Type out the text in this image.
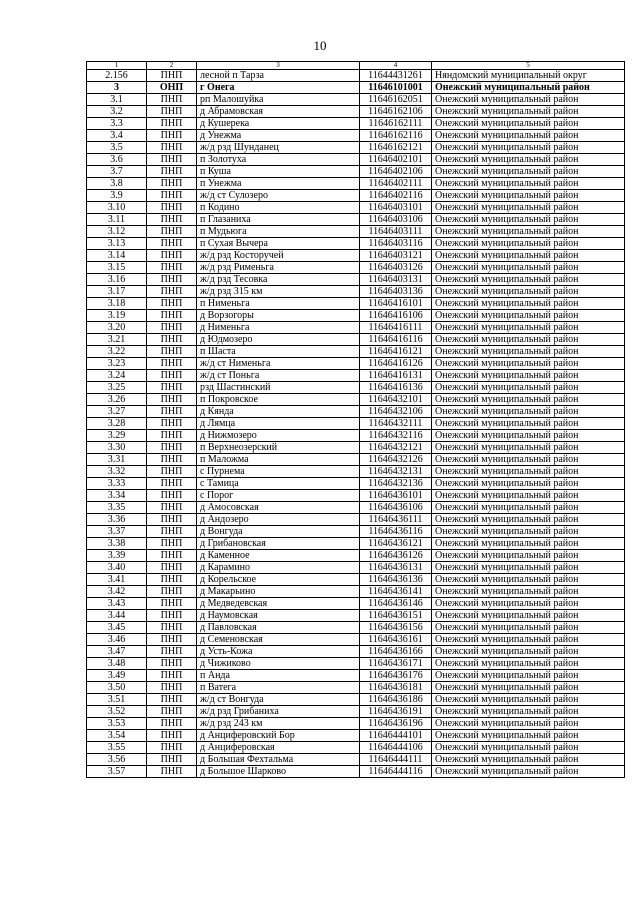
10
1	2	3	4	5
2.156	ПНП	лесной п Тарза	11644431261	Няндомский муниципальный округ
3	ОНП	г Онега	11646101001	Онежский муниципальный район
3.1	ПНП	рп Малошуйка	11646162051	Онежский муниципальный район
3.2	ПНП	д Абрамовская	11646162106	Онежский муниципальный район
3.3	ПНП	д Кушерека	11646162111	Онежский муниципальный район
3.4	ПНП	д Унежма	11646162116	Онежский муниципальный район
3.5	ПНП	ж/д рзд Шунданец	11646162121	Онежский муниципальный район
3.6	ПНП	п Золотуха	11646402101	Онежский муниципальный район
3.7	ПНП	п Куша	11646402106	Онежский муниципальный район
3.8	ПНП	п Унежма	11646402111	Онежский муниципальный район
3.9	ПНП	ж/д ст Сулозеро	11646402116	Онежский муниципальный район
3.10	ПНП	п Кодино	11646403101	Онежский муниципальный район
3.11	ПНП	п Глазаниха	11646403106	Онежский муниципальный район
3.12	ПНП	п Мудьюга	11646403111	Онежский муниципальный район
3.13	ПНП	п Сухая Вычера	11646403116	Онежский муниципальный район
3.14	ПНП	ж/д рзд Косторучей	11646403121	Онежский муниципальный район
3.15	ПНП	ж/д рзд Рименьга	11646403126	Онежский муниципальный район
3.16	ПНП	ж/д рзд Тесовка	11646403131	Онежский муниципальный район
3.17	ПНП	ж/д рзд 315 км	11646403136	Онежский муниципальный район
3.18	ПНП	п Нименьга	11646416101	Онежский муниципальный район
3.19	ПНП	д Ворзогоры	11646416106	Онежский муниципальный район
3.20	ПНП	д Нименьга	11646416111	Онежский муниципальный район
3.21	ПНП	д Юдмозеро	11646416116	Онежский муниципальный район
3.22	ПНП	п Шаста	11646416121	Онежский муниципальный район
3.23	ПНП	ж/д ст Нименьга	11646416126	Онежский муниципальный район
3.24	ПНП	ж/д ст Поньга	11646416131	Онежский муниципальный район
3.25	ПНП	рзд Шастинский	11646416136	Онежский муниципальный район
3.26	ПНП	п Покровское	11646432101	Онежский муниципальный район
3.27	ПНП	д Кянда	11646432106	Онежский муниципальный район
3.28	ПНП	д Лямца	11646432111	Онежский муниципальный район
3.29	ПНП	д Нижмозеро	11646432116	Онежский муниципальный район
3.30	ПНП	п Верхнеозерский	11646432121	Онежский муниципальный район
3.31	ПНП	п Маложма	11646432126	Онежский муниципальный район
3.32	ПНП	с Пурнема	11646432131	Онежский муниципальный район
3.33	ПНП	с Тамица	11646432136	Онежский муниципальный район
3.34	ПНП	с Порог	11646436101	Онежский муниципальный район
3.35	ПНП	д Амосовская	11646436106	Онежский муниципальный район
3.36	ПНП	д Андозеро	11646436111	Онежский муниципальный район
3.37	ПНП	д Вонгуда	11646436116	Онежский муниципальный район
3.38	ПНП	д Грибановская	11646436121	Онежский муниципальный район
3.39	ПНП	д Каменное	11646436126	Онежский муниципальный район
3.40	ПНП	д Карамино	11646436131	Онежский муниципальный район
3.41	ПНП	д Корельское	11646436136	Онежский муниципальный район
3.42	ПНП	д Макарьино	11646436141	Онежский муниципальный район
3.43	ПНП	д Медведевская	11646436146	Онежский муниципальный район
3.44	ПНП	д Наумовская	11646436151	Онежский муниципальный район
3.45	ПНП	д Павловская	11646436156	Онежский муниципальный район
3.46	ПНП	д Семеновская	11646436161	Онежский муниципальный район
3.47	ПНП	д Усть-Кожа	11646436166	Онежский муниципальный район
3.48	ПНП	д Чижиково	11646436171	Онежский муниципальный район
3.49	ПНП	п Анда	11646436176	Онежский муниципальный район
3.50	ПНП	п Ватега	11646436181	Онежский муниципальный район
3.51	ПНП	ж/д ст Вонгуда	11646436186	Онежский муниципальный район
3.52	ПНП	ж/д рзд Грибаниха	11646436191	Онежский муниципальный район
3.53	ПНП	ж/д рзд 243 км	11646436196	Онежский муниципальный район
3.54	ПНП	д Анциферовский Бор	11646444101	Онежский муниципальный район
3.55	ПНП	д Анциферовская	11646444106	Онежский муниципальный район
3.56	ПНП	д Большая Фехтальма	11646444111	Онежский муниципальный район
3.57	ПНП	д Большое Шарково	11646444116	Онежский муниципальный район
